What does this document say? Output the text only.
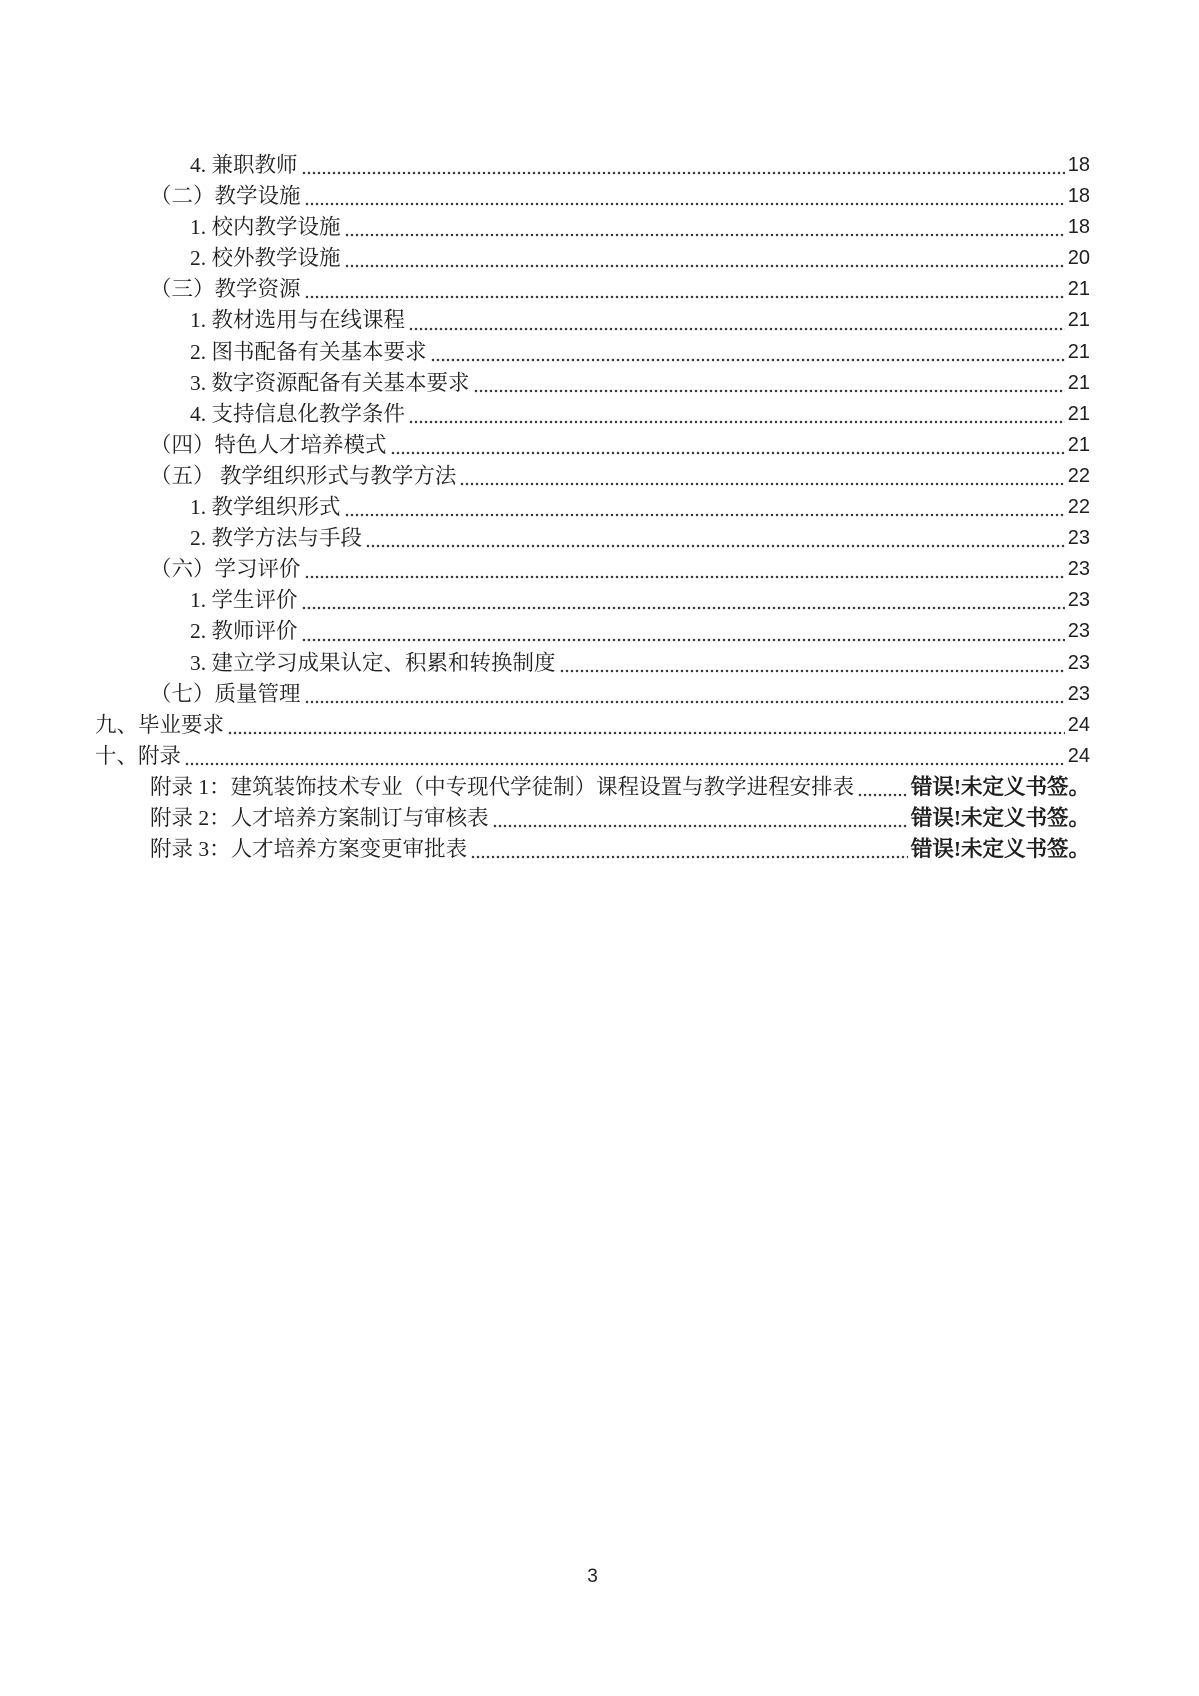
4. 兼职教师	18
（二）教学设施	18
1. 校内教学设施	18
2. 校外教学设施	20
（三）教学资源	21
1. 教材选用与在线课程	21
2. 图书配备有关基本要求	21
3. 数字资源配备有关基本要求	21
4. 支持信息化教学条件	21
（四）特色人才培养模式	21
（五） 教学组织形式与教学方法	22
1. 教学组织形式	22
2. 教学方法与手段	23
（六）学习评价	23
1. 学生评价	23
2. 教师评价	23
3. 建立学习成果认定、积累和转换制度	23
（七）质量管理	23
九、毕业要求	24
十、附录	24
附录 1：建筑装饰技术专业（中专现代学徒制）课程设置与教学进程安排表	错误!未定义书签。
附录 2：人才培养方案制订与审核表	错误!未定义书签。
附录 3：人才培养方案变更审批表	错误!未定义书签。
3
